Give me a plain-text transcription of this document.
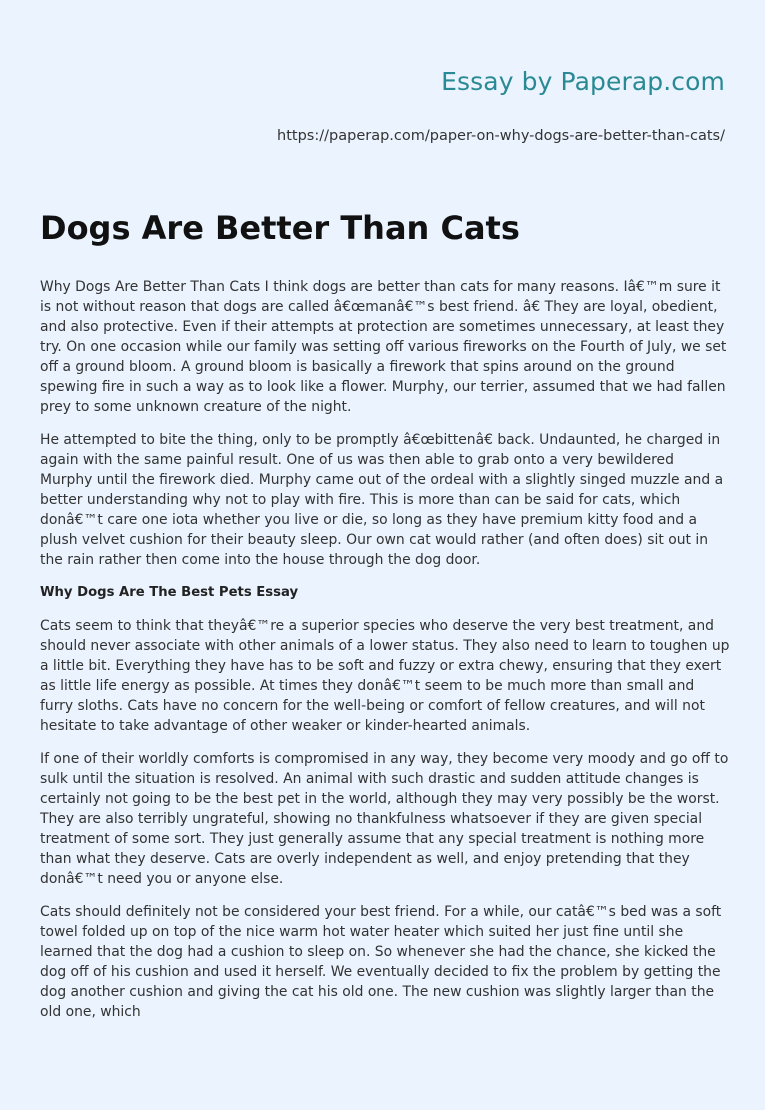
Essay by Paperap.com
https://paperap.com/paper-on-why-dogs-are-better-than-cats/
Dogs Are Better Than Cats

Why Dogs Are Better Than Cats I think dogs are better than cats for many reasons. Iâ€™m sure it is not without reason that dogs are called â€œmanâ€™s best friend. â€ They are loyal, obedient, and also protective. Even if their attempts at protection are sometimes unnecessary, at least they try. On one occasion while our family was setting off various fireworks on the Fourth of July, we set off a ground bloom. A ground bloom is basically a firework that spins around on the ground spewing fire in such a way as to look like a flower. Murphy, our terrier, assumed that we had fallen prey to some unknown creature of the night.

He attempted to bite the thing, only to be promptly â€œbittenâ€ back. Undaunted, he charged in again with the same painful result. One of us was then able to grab onto a very bewildered Murphy until the firework died. Murphy came out of the ordeal with a slightly singed muzzle and a better understanding why not to play with fire. This is more than can be said for cats, which donâ€™t care one iota whether you live or die, so long as they have premium kitty food and a plush velvet cushion for their beauty sleep. Our own cat would rather (and often does) sit out in the rain rather then come into the house through the dog door.

Why Dogs Are The Best Pets Essay

Cats seem to think that theyâ€™re a superior species who deserve the very best treatment, and should never associate with other animals of a lower status. They also need to learn to toughen up a little bit. Everything they have has to be soft and fuzzy or extra chewy, ensuring that they exert as little life energy as possible. At times they donâ€™t seem to be much more than small and furry sloths. Cats have no concern for the well-being or comfort of fellow creatures, and will not hesitate to take advantage of other weaker or kinder-hearted animals.

If one of their worldly comforts is compromised in any way, they become very moody and go off to sulk until the situation is resolved. An animal with such drastic and sudden attitude changes is certainly not going to be the best pet in the world, although they may very possibly be the worst. They are also terribly ungrateful, showing no thankfulness whatsoever if they are given special treatment of some sort. They just generally assume that any special treatment is nothing more than what they deserve. Cats are overly independent as well, and enjoy pretending that they donâ€™t need you or anyone else.

Cats should definitely not be considered your best friend. For a while, our catâ€™s bed was a soft towel folded up on top of the nice warm hot water heater which suited her just fine until she learned that the dog had a cushion to sleep on. So whenever she had the chance, she kicked the dog off of his cushion and used it herself. We eventually decided to fix the problem by getting the dog another cushion and giving the cat his old one. The new cushion was slightly larger than the old one, which
